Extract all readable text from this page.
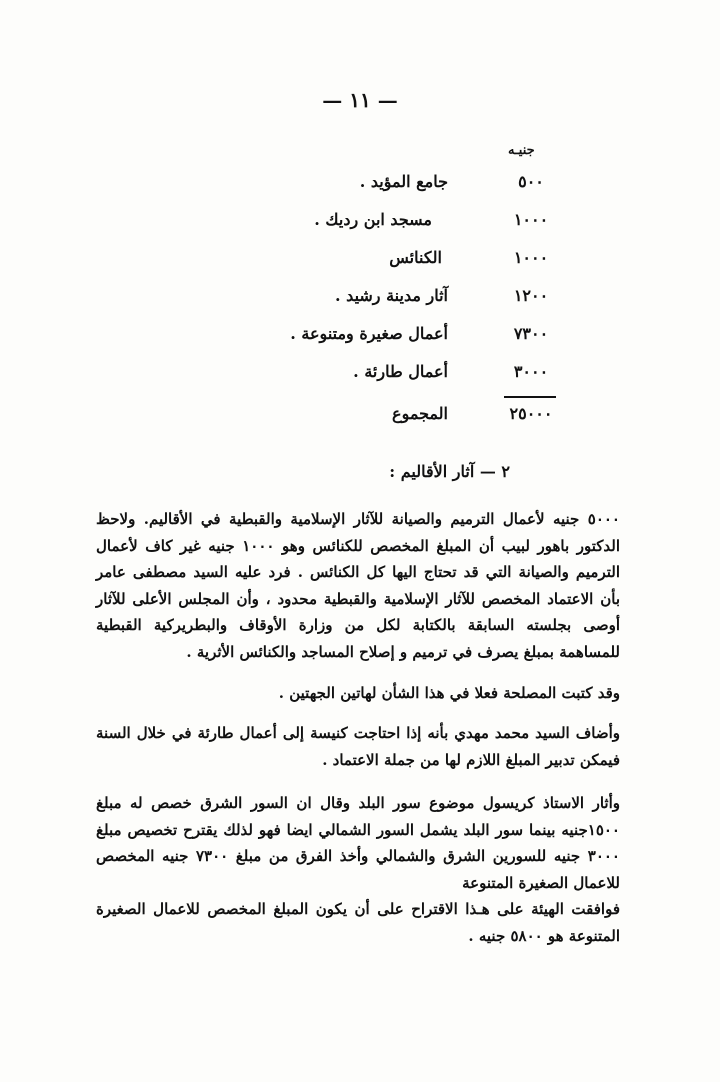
— ١١ —
جنيـه
٥٠٠
جامع المؤيد .
١٠٠٠
مسجد ابن رديك .
١٠٠٠
الكنائس
١٢٠٠
آثار مدينة رشيد .
٧٣٠٠
أعمال صغيرة ومتنوعة .
٣٠٠٠
أعمال طارئة .
٢٥٠٠٠
المجموع
٢ — آثار الأقاليم :

٥٠٠٠ جنيه لأعمال الترميم والصيانة للآثار الإسلامية والقبطية في الأقاليم. ولاحظ الدكتور باهور لبيب أن المبلغ المخصص للكنائس وهو ١٠٠٠ جنيه غير كاف لأعمال الترميم والصيانة التي قد تحتاج اليها كل الكنائس . فرد عليه السيد مصطفى عامر بأن الاعتماد المخصص للآثار الإسلامية والقبطية محدود ، وأن المجلس الأعلى للآثار أوصى بجلسته السابقة بالكتابة لكل من وزارة الأوقاف والبطريركية القبطية للمساهمة بمبلغ يصرف في ترميم و إصلاح المساجد والكنائس الأثرية .

وقد كتبت المصلحة فعلا في هذا الشأن لهاتين الجهتين .

وأضاف السيد محمد مهدي بأنه إذا احتاجت كنيسة إلى أعمال طارئة في خلال السنة فيمكن تدبير المبلغ اللازم لها من جملة الاعتماد .

وأثار الاستاذ كريسول موضوع سور البلد وقال ان السور الشرق خصص له مبلغ ١٥٠٠جنيه بينما سور البلد يشمل السور الشمالي ايضا فهو لذلك يقترح تخصيص مبلغ ٣٠٠٠ جنيه للسورين الشرق والشمالي وأخذ الفرق من مبلغ ٧٣٠٠ جنيه المخصص للاعمال الصغيرة المتنوعة

فوافقت الهيئة على هـذا الاقتراح على أن يكون المبلغ المخصص للاعمال الصغيرة المتنوعة هو ٥٨٠٠ جنيه .
